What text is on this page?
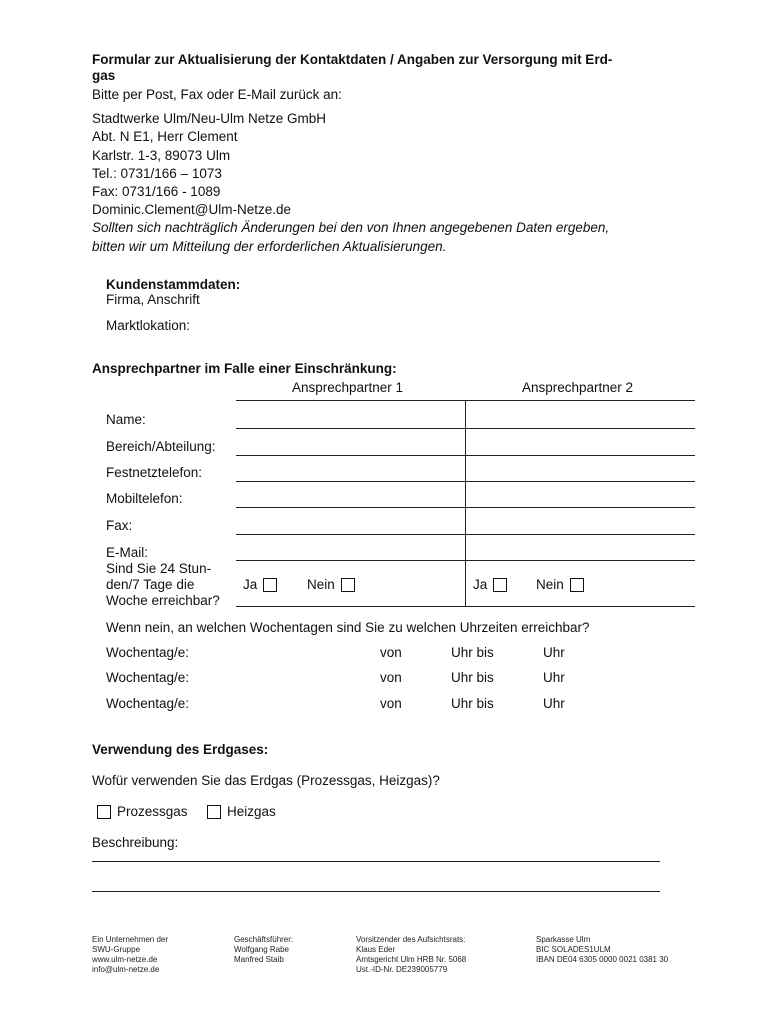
Formular zur Aktualisierung der Kontaktdaten / Angaben zur Versorgung mit Erd-
gas
Bitte per Post, Fax oder E-Mail zurück an:
Stadtwerke Ulm/Neu-Ulm Netze GmbH
Abt. N E1, Herr Clement
Karlstr. 1-3, 89073 Ulm
Tel.: 0731/166 – 1073
Fax: 0731/166 - 1089
Dominic.Clement@Ulm-Netze.de
Sollten sich nachträglich Änderungen bei den von Ihnen angegebenen Daten ergeben,
bitten wir um Mitteilung der erforderlichen Aktualisierungen.
Kundenstammdaten:
Firma, Anschrift
Marktlokation:
Ansprechpartner im Falle einer Einschränkung:
Ansprechpartner 1	Ansprechpartner 2
Name:
Bereich/Abteilung:
Festnetztelefon:
Mobiltelefon:
Fax:
E-Mail:
Sind Sie 24 Stun-
den/7 Tage die
Woche erreichbar?
Ja	Nein	Ja	Nein
Wenn nein, an welchen Wochentagen sind Sie zu welchen Uhrzeiten erreichbar?
Wochentag/e:	von	Uhr bis	Uhr
Wochentag/e:	von	Uhr bis	Uhr
Wochentag/e:	von	Uhr bis	Uhr
Verwendung des Erdgases:
Wofür verwenden Sie das Erdgas (Prozessgas, Heizgas)?
Prozessgas	Heizgas
Beschreibung:
Ein Unternehmen der
SWU-Gruppe
www.ulm-netze.de
info@ulm-netze.de
Geschäftsführer:
Wolfgang Rabe
Manfred Staib
Vorsitzender des Aufsichtsrats:
Klaus Eder
Amtsgericht Ulm HRB Nr. 5068
Ust.-ID-Nr. DE239005779
Sparkasse Ulm
BIC SOLADES1ULM
IBAN DE04 6305 0000 0021 0381 30
